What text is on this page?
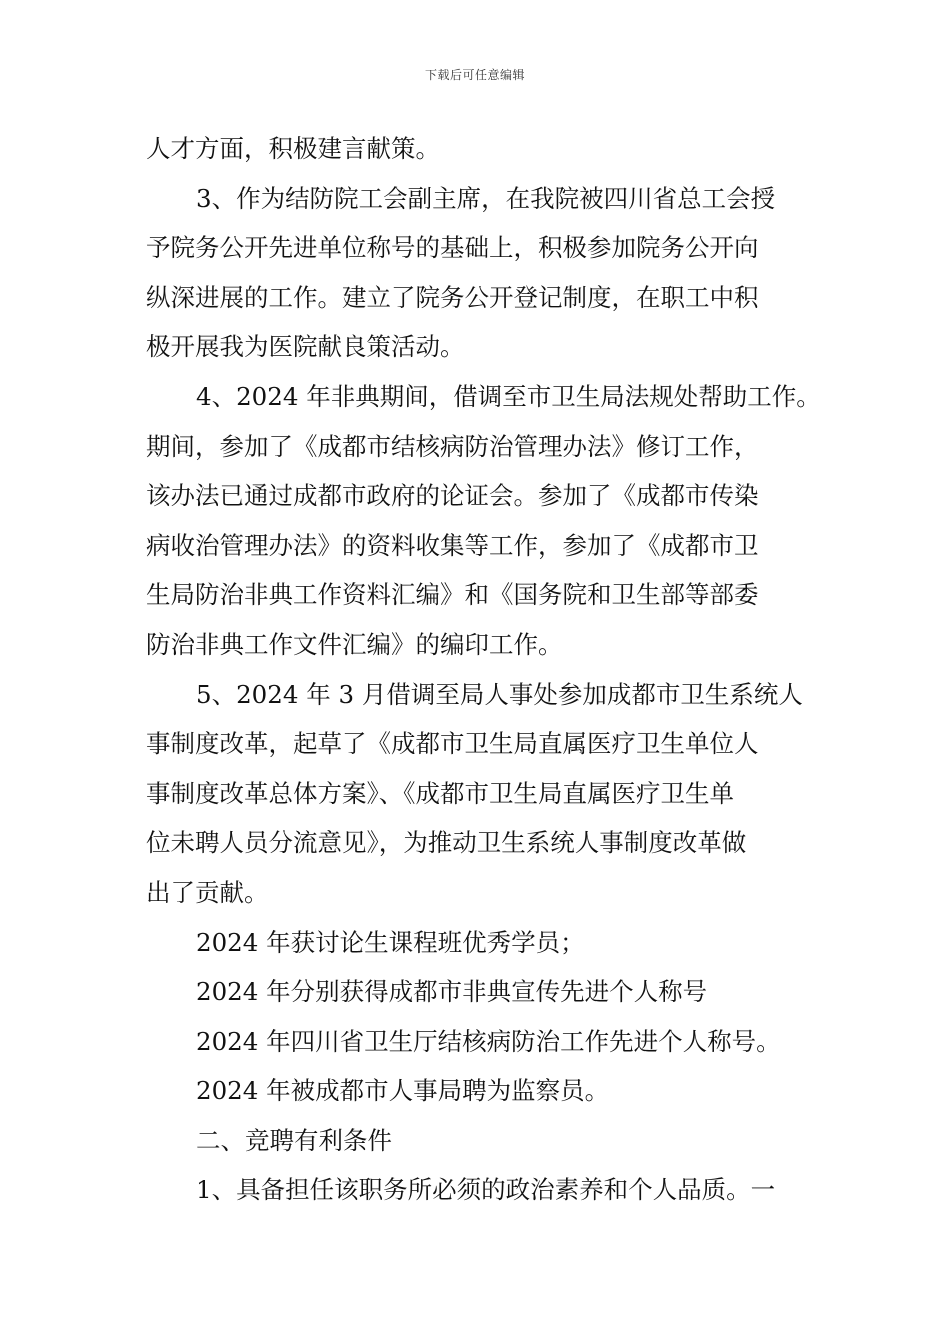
下载后可任意编辑
人才方面，积极建言献策。
3、作为结防院工会副主席，在我院被四川省总工会授
予院务公开先进单位称号的基础上，积极参加院务公开向
纵深进展的工作。建立了院务公开登记制度，在职工中积
极开展我为医院献良策活动。
4、2024 年非典期间，借调至市卫生局法规处帮助工作。
期间，参加了《成都市结核病防治管理办法》修订工作，
该办法已通过成都市政府的论证会。参加了《成都市传染
病收治管理办法》的资料收集等工作，参加了《成都市卫
生局防治非典工作资料汇编》和《国务院和卫生部等部委
防治非典工作文件汇编》的编印工作。
5、2024 年 3 月借调至局人事处参加成都市卫生系统人
事制度改革，起草了《成都市卫生局直属医疗卫生单位人
事制度改革总体方案》、《成都市卫生局直属医疗卫生单
位未聘人员分流意见》，为推动卫生系统人事制度改革做
出了贡献。
2024 年获讨论生课程班优秀学员；
2024 年分别获得成都市非典宣传先进个人称号
2024 年四川省卫生厅结核病防治工作先进个人称号。
2024 年被成都市人事局聘为监察员。
二、竞聘有利条件
1、具备担任该职务所必须的政治素养和个人品质。一
